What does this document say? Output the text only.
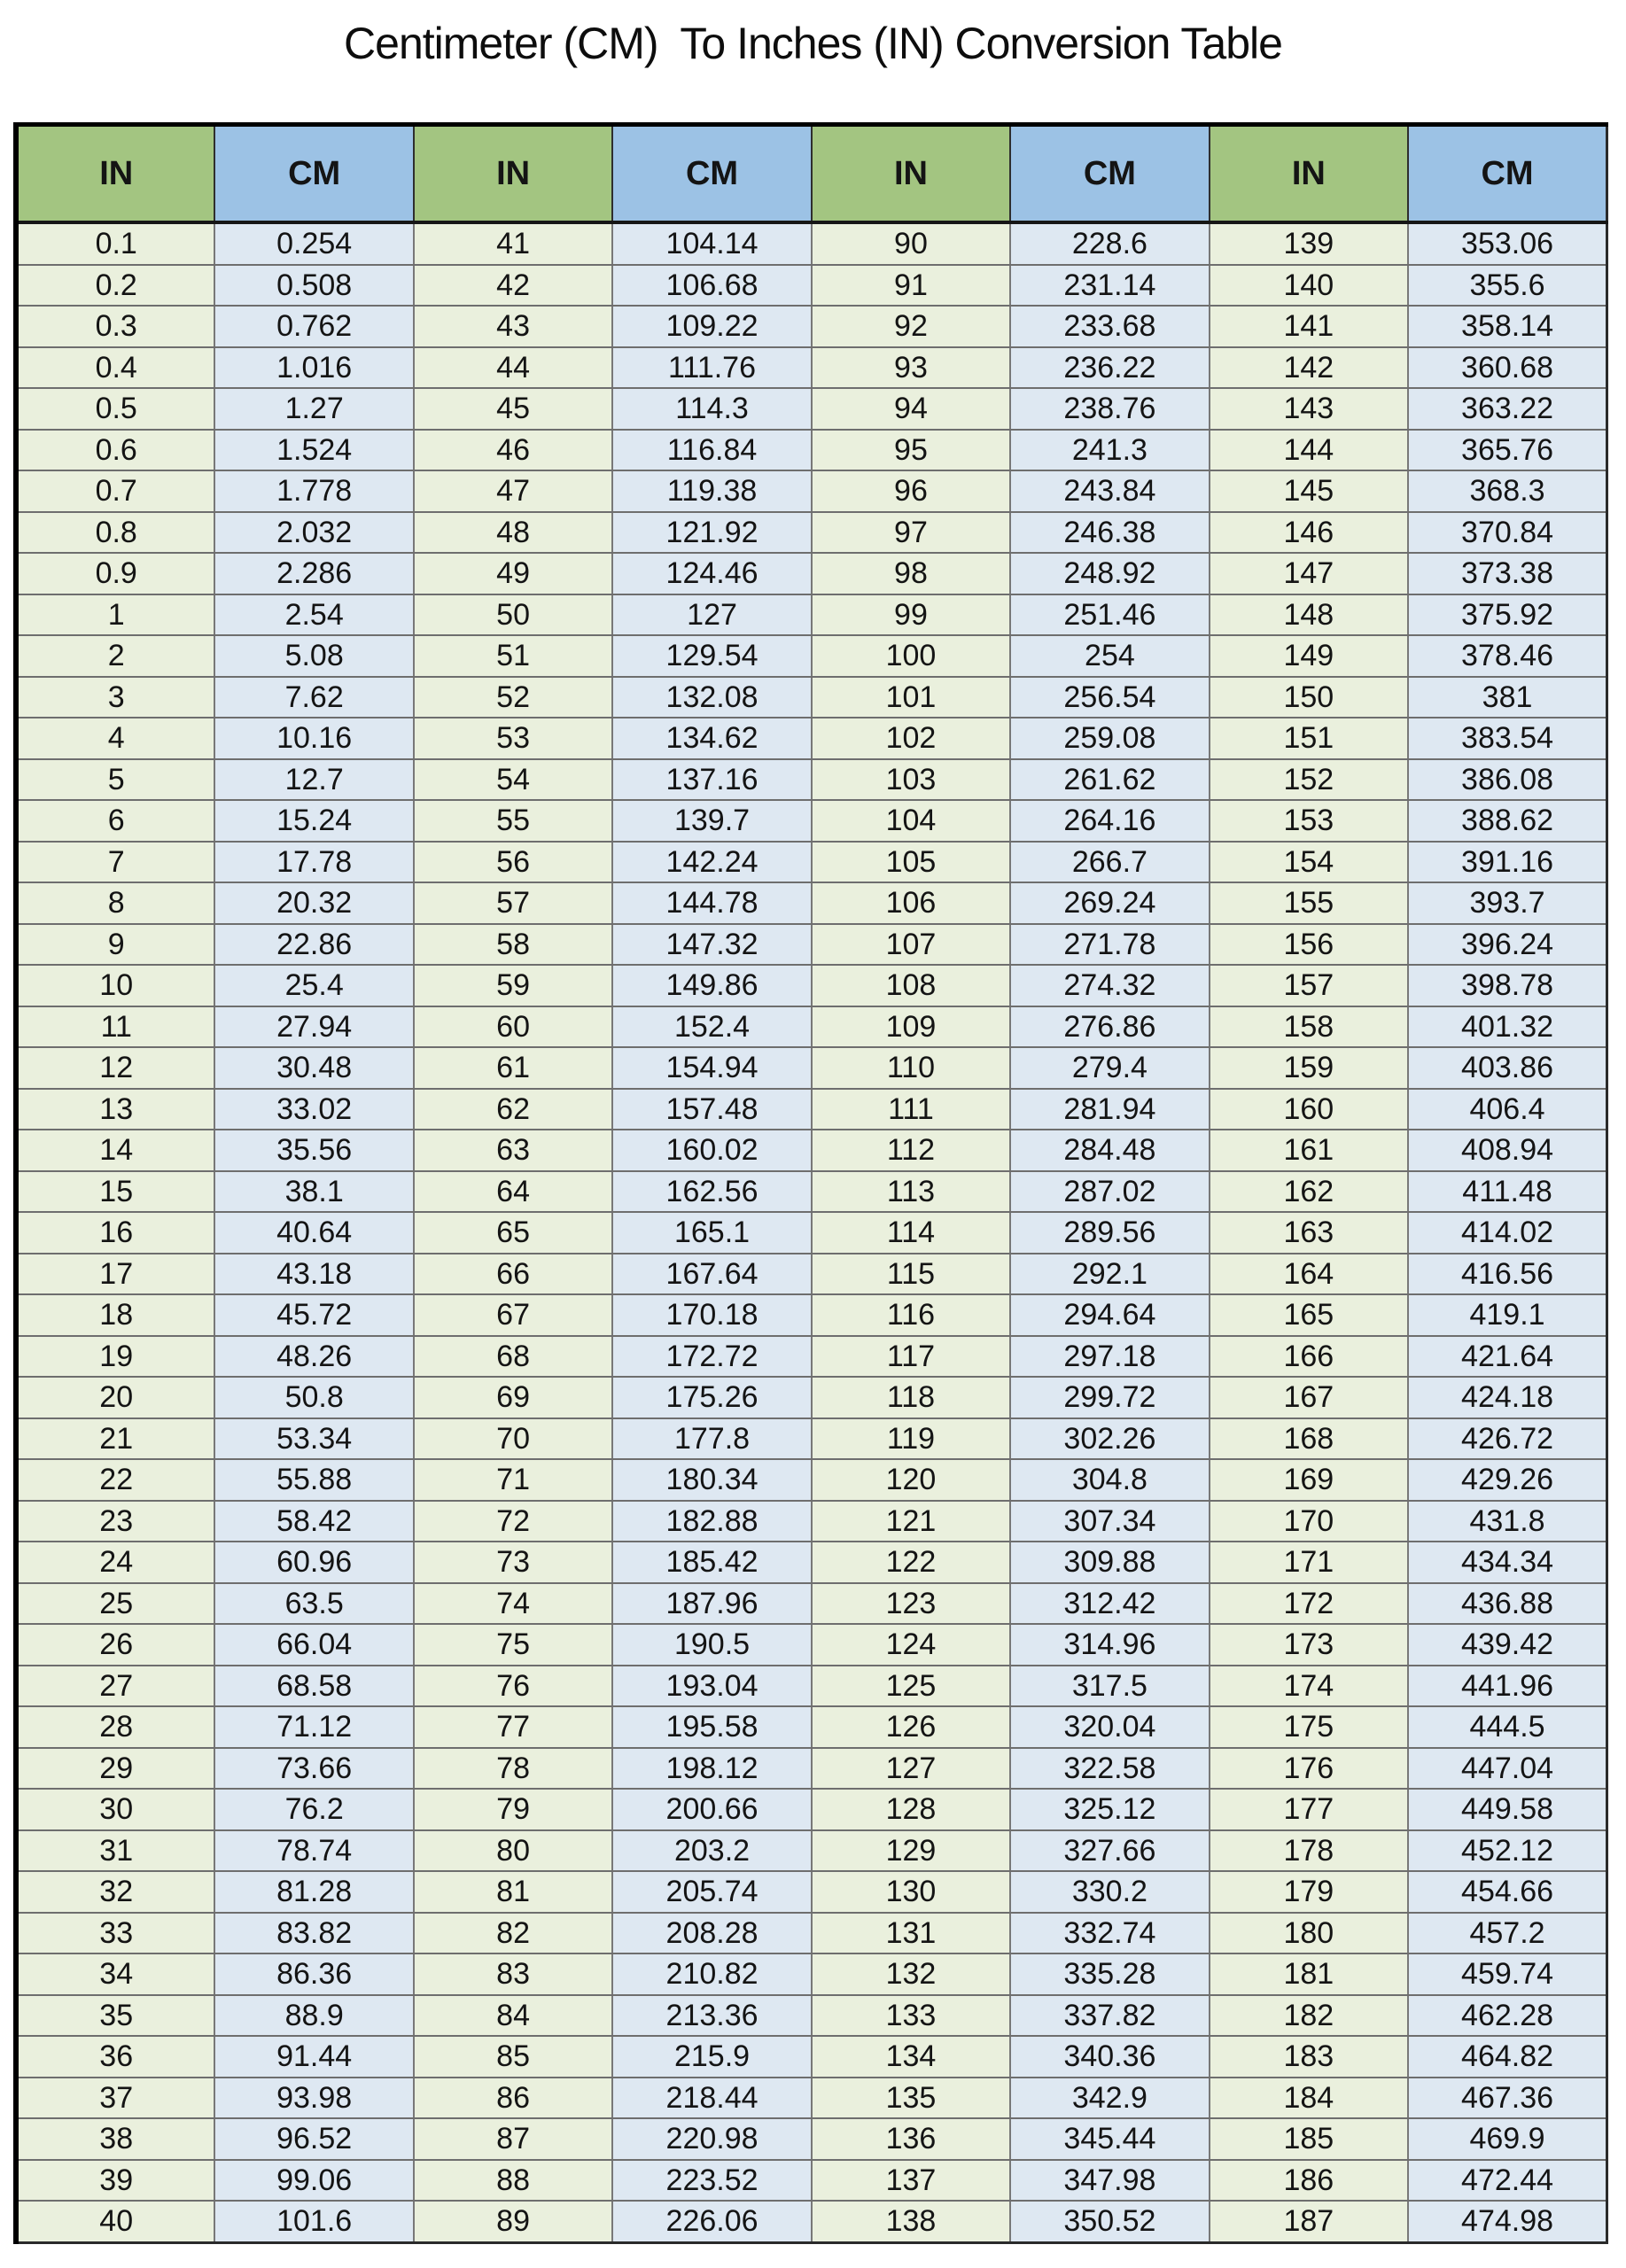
Centimeter (CM)  To Inches (IN) Conversion Table
IN	CM	IN	CM	IN	CM	IN	CM
0.1	0.254	41	104.14	90	228.6	139	353.06
0.2	0.508	42	106.68	91	231.14	140	355.6
0.3	0.762	43	109.22	92	233.68	141	358.14
0.4	1.016	44	111.76	93	236.22	142	360.68
0.5	1.27	45	114.3	94	238.76	143	363.22
0.6	1.524	46	116.84	95	241.3	144	365.76
0.7	1.778	47	119.38	96	243.84	145	368.3
0.8	2.032	48	121.92	97	246.38	146	370.84
0.9	2.286	49	124.46	98	248.92	147	373.38
1	2.54	50	127	99	251.46	148	375.92
2	5.08	51	129.54	100	254	149	378.46
3	7.62	52	132.08	101	256.54	150	381
4	10.16	53	134.62	102	259.08	151	383.54
5	12.7	54	137.16	103	261.62	152	386.08
6	15.24	55	139.7	104	264.16	153	388.62
7	17.78	56	142.24	105	266.7	154	391.16
8	20.32	57	144.78	106	269.24	155	393.7
9	22.86	58	147.32	107	271.78	156	396.24
10	25.4	59	149.86	108	274.32	157	398.78
11	27.94	60	152.4	109	276.86	158	401.32
12	30.48	61	154.94	110	279.4	159	403.86
13	33.02	62	157.48	111	281.94	160	406.4
14	35.56	63	160.02	112	284.48	161	408.94
15	38.1	64	162.56	113	287.02	162	411.48
16	40.64	65	165.1	114	289.56	163	414.02
17	43.18	66	167.64	115	292.1	164	416.56
18	45.72	67	170.18	116	294.64	165	419.1
19	48.26	68	172.72	117	297.18	166	421.64
20	50.8	69	175.26	118	299.72	167	424.18
21	53.34	70	177.8	119	302.26	168	426.72
22	55.88	71	180.34	120	304.8	169	429.26
23	58.42	72	182.88	121	307.34	170	431.8
24	60.96	73	185.42	122	309.88	171	434.34
25	63.5	74	187.96	123	312.42	172	436.88
26	66.04	75	190.5	124	314.96	173	439.42
27	68.58	76	193.04	125	317.5	174	441.96
28	71.12	77	195.58	126	320.04	175	444.5
29	73.66	78	198.12	127	322.58	176	447.04
30	76.2	79	200.66	128	325.12	177	449.58
31	78.74	80	203.2	129	327.66	178	452.12
32	81.28	81	205.74	130	330.2	179	454.66
33	83.82	82	208.28	131	332.74	180	457.2
34	86.36	83	210.82	132	335.28	181	459.74
35	88.9	84	213.36	133	337.82	182	462.28
36	91.44	85	215.9	134	340.36	183	464.82
37	93.98	86	218.44	135	342.9	184	467.36
38	96.52	87	220.98	136	345.44	185	469.9
39	99.06	88	223.52	137	347.98	186	472.44
40	101.6	89	226.06	138	350.52	187	474.98
